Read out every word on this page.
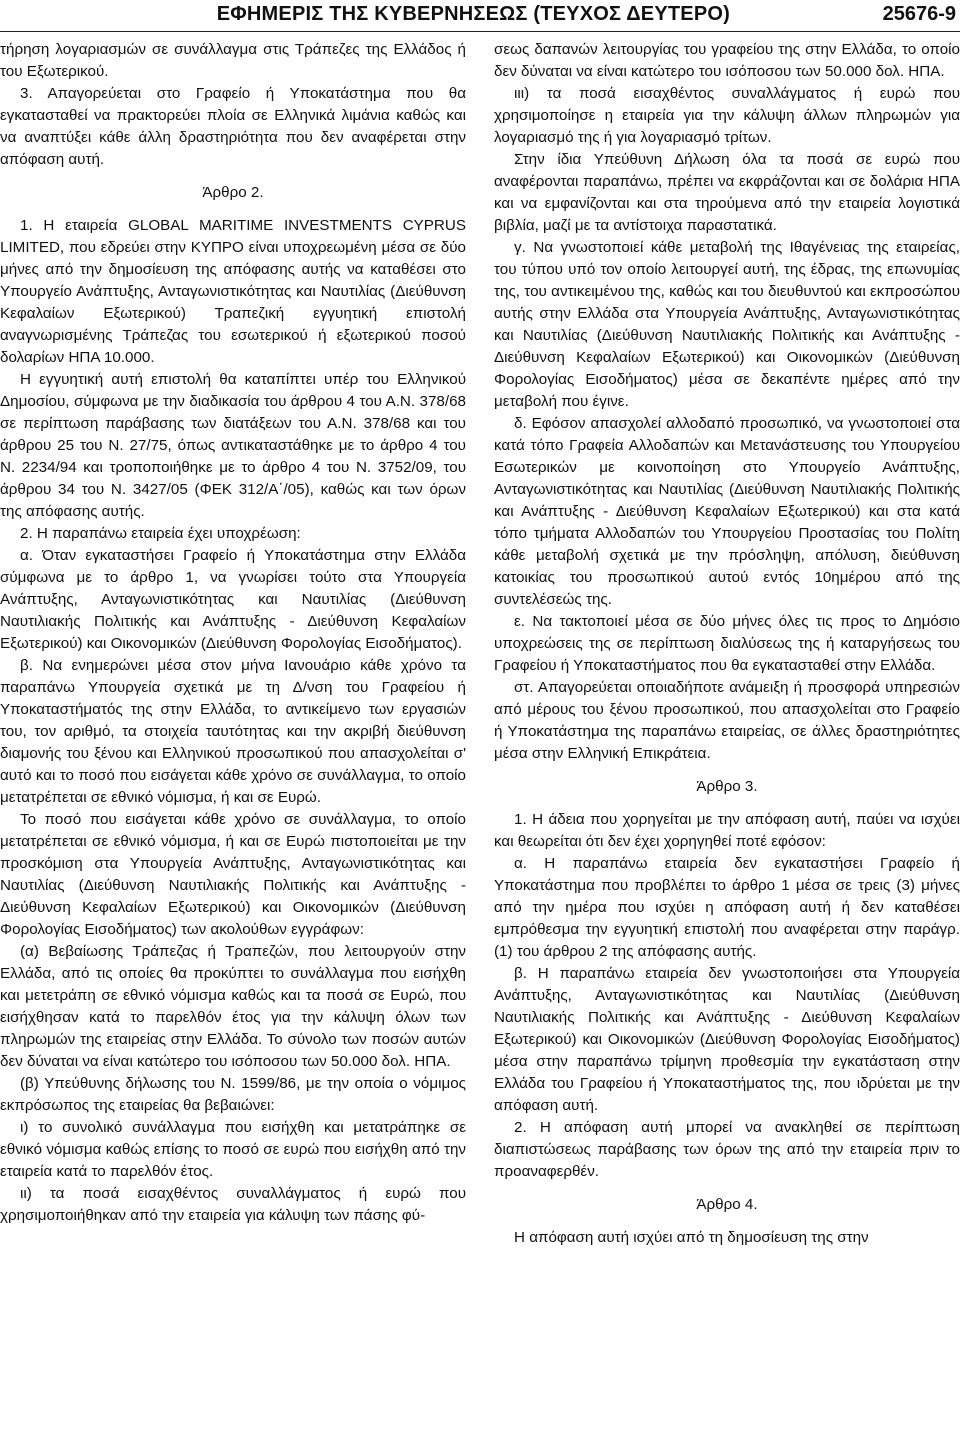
ΕΦΗΜΕΡΙΣ ΤΗΣ ΚΥΒΕΡΝΗΣΕΩΣ (ΤΕΥΧΟΣ ΔΕΥΤΕΡΟ)	25676-9

τήρηση λογαριασμών σε συνάλλαγμα στις Τράπεζες της Ελλάδος ή του Εξωτερικού.

3. Απαγορεύεται στο Γραφείο ή Υποκατάστημα που θα εγκατασταθεί να πρακτορεύει πλοία σε Ελληνικά λιμάνια καθώς και να αναπτύξει κάθε άλλη δραστηριότητα που δεν αναφέρεται στην απόφαση αυτή.

Άρθρο 2.

1. Η εταιρεία GLOBAL MARITIME INVESTMENTS CYPRUS LIMITED, που εδρεύει στην ΚΥΠΡΟ είναι υποχρεωμένη μέσα σε δύο μήνες από την δημοσίευση της απόφασης αυτής να καταθέσει στο Υπουργείο Ανάπτυξης, Ανταγωνιστικότητας και Ναυτιλίας (Διεύθυνση Κεφαλαίων Εξωτερικού) Τραπεζική εγγυητική επιστολή αναγνωρισμένης Τράπεζας του εσωτερικού ή εξωτερικού ποσού δολαρίων ΗΠΑ 10.000.

Η εγγυητική αυτή επιστολή θα καταπίπτει υπέρ του Ελληνικού Δημοσίου, σύμφωνα με την διαδικασία του άρθρου 4 του Α.Ν. 378/68 σε περίπτωση παράβασης των διατάξεων του Α.Ν. 378/68 και του άρθρου 25 του Ν. 27/75, όπως αντικαταστάθηκε με το άρθρο 4 του Ν. 2234/94 και τροποποιήθηκε με το άρθρο 4 του Ν. 3752/09, του άρθρου 34 του Ν. 3427/05 (ΦΕΚ 312/Α΄/05), καθώς και των όρων της απόφασης αυτής.

2. Η παραπάνω εταιρεία έχει υποχρέωση:

α. Όταν εγκαταστήσει Γραφείο ή Υποκατάστημα στην Ελλάδα σύμφωνα με το άρθρο 1, να γνωρίσει τούτο στα Υπουργεία Ανάπτυξης, Ανταγωνιστικότητας και Ναυτιλίας (Διεύθυνση Ναυτιλιακής Πολιτικής και Ανάπτυξης - Διεύθυνση Κεφαλαίων Εξωτερικού) και Οικονομικών (Διεύθυνση Φορολογίας Εισοδήματος).

β. Να ενημερώνει μέσα στον μήνα Ιανουάριο κάθε χρόνο τα παραπάνω Υπουργεία σχετικά με τη Δ/νση του Γραφείου ή Υποκαταστήματός της στην Ελλάδα, το αντικείμενο των εργασιών του, τον αριθμό, τα στοιχεία ταυτότητας και την ακριβή διεύθυνση διαμονής του ξένου και Ελληνικού προσωπικού που απασχολείται σ' αυτό και το ποσό που εισάγεται κάθε χρόνο σε συνάλλαγμα, το οποίο μετατρέπεται σε εθνικό νόμισμα, ή και σε Ευρώ.

Το ποσό που εισάγεται κάθε χρόνο σε συνάλλαγμα, το οποίο μετατρέπεται σε εθνικό νόμισμα, ή και σε Ευρώ πιστοποιείται με την προσκόμιση στα Υπουργεία Ανάπτυξης, Ανταγωνιστικότητας και Ναυτιλίας (Διεύθυνση Ναυτιλιακής Πολιτικής και Ανάπτυξης - Διεύθυνση Κεφαλαίων Εξωτερικού) και Οικονομικών (Διεύθυνση Φορολογίας Εισοδήματος) των ακολούθων εγγράφων:

(α) Βεβαίωσης Τράπεζας ή Τραπεζών, που λειτουργούν στην Ελλάδα, από τις οποίες θα προκύπτει το συνάλλαγμα που εισήχθη και μετετράπη σε εθνικό νόμισμα καθώς και τα ποσά σε Ευρώ, που εισήχθησαν κατά το παρελθόν έτος για την κάλυψη όλων των πληρωμών της εταιρείας στην Ελλάδα. Το σύνολο των ποσών αυτών δεν δύναται να είναι κατώτερο του ισόποσου των 50.000 δολ. ΗΠΑ.

(β) Υπεύθυνης δήλωσης του Ν. 1599/86, με την οποία ο νόμιμος εκπρόσωπος της εταιρείας θα βεβαιώνει:

ι) το συνολικό συνάλλαγμα που εισήχθη και μετατράπηκε σε εθνικό νόμισμα καθώς επίσης το ποσό σε ευρώ που εισήχθη από την εταιρεία κατά το παρελθόν έτος.

ιι) τα ποσά εισαχθέντος συναλλάγματος ή ευρώ που χρησιμοποιήθηκαν από την εταιρεία για κάλυψη των πάσης φύ-

σεως δαπανών λειτουργίας του γραφείου της στην Ελλάδα, το οποίο δεν δύναται να είναι κατώτερο του ισόποσου των 50.000 δολ. ΗΠΑ.

ιιι) τα ποσά εισαχθέντος συναλλάγματος ή ευρώ που χρησιμοποίησε η εταιρεία για την κάλυψη άλλων πληρωμών για λογαριασμό της ή για λογαριασμό τρίτων.

Στην ίδια Υπεύθυνη Δήλωση όλα τα ποσά σε ευρώ που αναφέρονται παραπάνω, πρέπει να εκφράζονται και σε δολάρια ΗΠΑ και να εμφανίζονται και στα τηρούμενα από την εταιρεία λογιστικά βιβλία, μαζί με τα αντίστοιχα παραστατικά.

γ. Να γνωστοποιεί κάθε μεταβολή της Ιθαγένειας της εταιρείας, του τύπου υπό τον οποίο λειτουργεί αυτή, της έδρας, της επωνυμίας της, του αντικειμένου της, καθώς και του διευθυντού και εκπροσώπου αυτής στην Ελλάδα στα Υπουργεία Ανάπτυξης, Ανταγωνιστικότητας και Ναυτιλίας (Διεύθυνση Ναυτιλιακής Πολιτικής και Ανάπτυξης - Διεύθυνση Κεφαλαίων Εξωτερικού) και Οικονομικών (Διεύθυνση Φορολογίας Εισοδήματος) μέσα σε δεκαπέντε ημέρες από την μεταβολή που έγινε.

δ. Εφόσον απασχολεί αλλοδαπό προσωπικό, να γνωστοποιεί στα κατά τόπο Γραφεία Αλλοδαπών και Μετανάστευσης του Υπουργείου Εσωτερικών με κοινοποίηση στο Υπουργείο Ανάπτυξης, Ανταγωνιστικότητας και Ναυτιλίας (Διεύθυνση Ναυτιλιακής Πολιτικής και Ανάπτυξης - Διεύθυνση Κεφαλαίων Εξωτερικού) και στα κατά τόπο τμήματα Αλλοδαπών του Υπουργείου Προστασίας του Πολίτη κάθε μεταβολή σχετικά με την πρόσληψη, απόλυση, διεύθυνση κατοικίας του προσωπικού αυτού εντός 10ημέρου από της συντελέσεώς της.

ε. Να τακτοποιεί μέσα σε δύο μήνες όλες τις προς το Δημόσιο υποχρεώσεις της σε περίπτωση διαλύσεως της ή καταργήσεως του Γραφείου ή Υποκαταστήματος που θα εγκατασταθεί στην Ελλάδα.

στ. Απαγορεύεται οποιαδήποτε ανάμειξη ή προσφορά υπηρεσιών από μέρους του ξένου προσωπικού, που απασχολείται στο Γραφείο ή Υποκατάστημα της παραπάνω εταιρείας, σε άλλες δραστηριότητες μέσα στην Ελληνική Επικράτεια.

Άρθρο 3.

1. Η άδεια που χορηγείται με την απόφαση αυτή, παύει να ισχύει και θεωρείται ότι δεν έχει χορηγηθεί ποτέ εφόσον:

α. Η παραπάνω εταιρεία δεν εγκαταστήσει Γραφείο ή Υποκατάστημα που προβλέπει το άρθρο 1 μέσα σε τρεις (3) μήνες από την ημέρα που ισχύει η απόφαση αυτή ή δεν καταθέσει εμπρόθεσμα την εγγυητική επιστολή που αναφέρεται στην παράγρ. (1) του άρθρου 2 της απόφασης αυτής.

β. Η παραπάνω εταιρεία δεν γνωστοποιήσει στα Υπουργεία Ανάπτυξης, Ανταγωνιστικότητας και Ναυτιλίας (Διεύθυνση Ναυτιλιακής Πολιτικής και Ανάπτυξης - Διεύθυνση Κεφαλαίων Εξωτερικού) και Οικονομικών (Διεύθυνση Φορολογίας Εισοδήματος) μέσα στην παραπάνω τρίμηνη προθεσμία την εγκατάσταση στην Ελλάδα του Γραφείου ή Υποκαταστήματος της, που ιδρύεται με την απόφαση αυτή.

2. Η απόφαση αυτή μπορεί να ανακληθεί σε περίπτωση διαπιστώσεως παράβασης των όρων της από την εταιρεία πριν το προαναφερθέν.

Άρθρο 4.

Η απόφαση αυτή ισχύει από τη δημοσίευση της στην
